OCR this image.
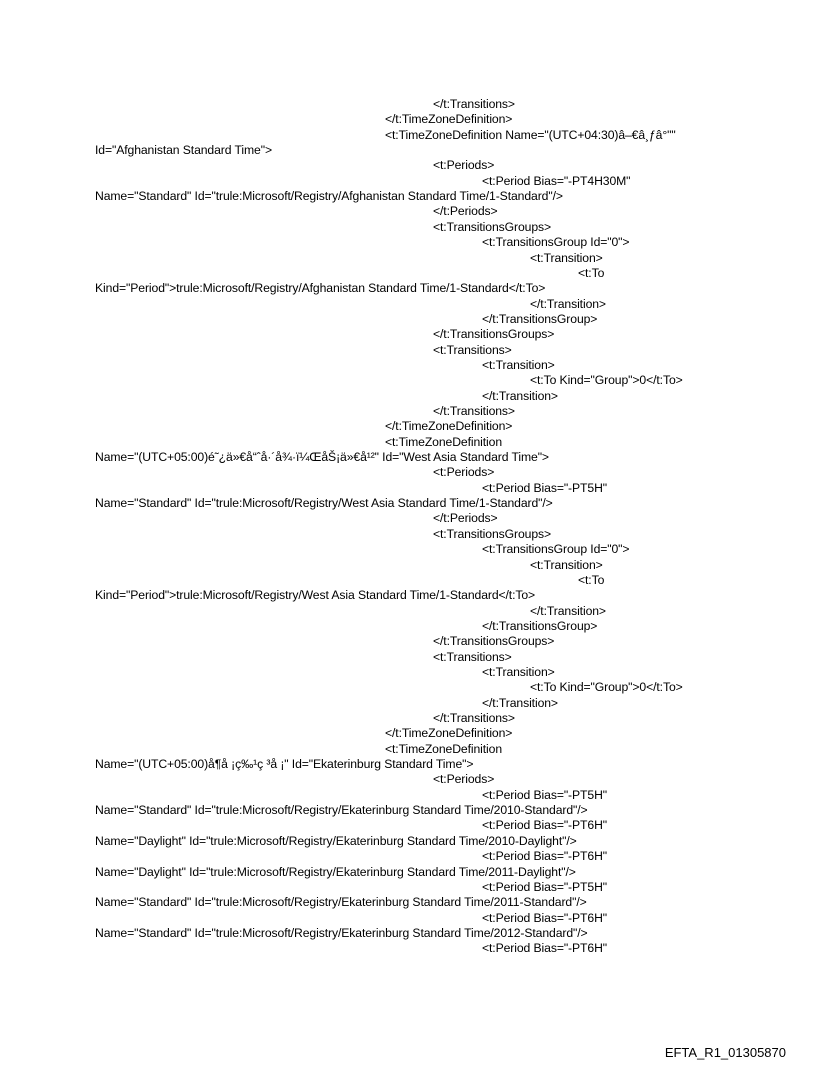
</t:Transitions>
</t:TimeZoneDefinition>
<t:TimeZoneDefinition Name="(UTC+04:30)â–€â¸ƒâ°""
Id="Afghanistan Standard Time">
<t:Periods>
<t:Period Bias="-PT4H30M"
Name="Standard" Id="trule:Microsoft/Registry/Afghanistan Standard Time/1-Standard"/>
</t:Periods>
<t:TransitionsGroups>
<t:TransitionsGroup Id="0">
<t:Transition>
<t:To
Kind="Period">trule:Microsoft/Registry/Afghanistan Standard Time/1-Standard</t:To>
</t:Transition>
</t:TransitionsGroup>
</t:TransitionsGroups>
<t:Transitions>
<t:Transition>
<t:To Kind="Group">0</t:To>
</t:Transition>
</t:Transitions>
</t:TimeZoneDefinition>
<t:TimeZoneDefinition
Name="(UTC+05:00)é˜¿ä»€å“ˆå·´å¾·ï¼ŒåŠ¡ä»€å¹²" Id="West Asia Standard Time">
<t:Periods>
<t:Period Bias="-PT5H"
Name="Standard" Id="trule:Microsoft/Registry/West Asia Standard Time/1-Standard"/>
</t:Periods>
<t:TransitionsGroups>
<t:TransitionsGroup Id="0">
<t:Transition>
<t:To
Kind="Period">trule:Microsoft/Registry/West Asia Standard Time/1-Standard</t:To>
</t:Transition>
</t:TransitionsGroup>
</t:TransitionsGroups>
<t:Transitions>
<t:Transition>
<t:To Kind="Group">0</t:To>
</t:Transition>
</t:Transitions>
</t:TimeZoneDefinition>
<t:TimeZoneDefinition
Name="(UTC+05:00)å¶å ¡ç‰¹ç ³å ¡" Id="Ekaterinburg Standard Time">
<t:Periods>
<t:Period Bias="-PT5H"
Name="Standard" Id="trule:Microsoft/Registry/Ekaterinburg Standard Time/2010-Standard"/>
<t:Period Bias="-PT6H"
Name="Daylight" Id="trule:Microsoft/Registry/Ekaterinburg Standard Time/2010-Daylight"/>
<t:Period Bias="-PT6H"
Name="Daylight" Id="trule:Microsoft/Registry/Ekaterinburg Standard Time/2011-Daylight"/>
<t:Period Bias="-PT5H"
Name="Standard" Id="trule:Microsoft/Registry/Ekaterinburg Standard Time/2011-Standard"/>
<t:Period Bias="-PT6H"
Name="Standard" Id="trule:Microsoft/Registry/Ekaterinburg Standard Time/2012-Standard"/>
<t:Period Bias="-PT6H"
EFTA_R1_01305870
